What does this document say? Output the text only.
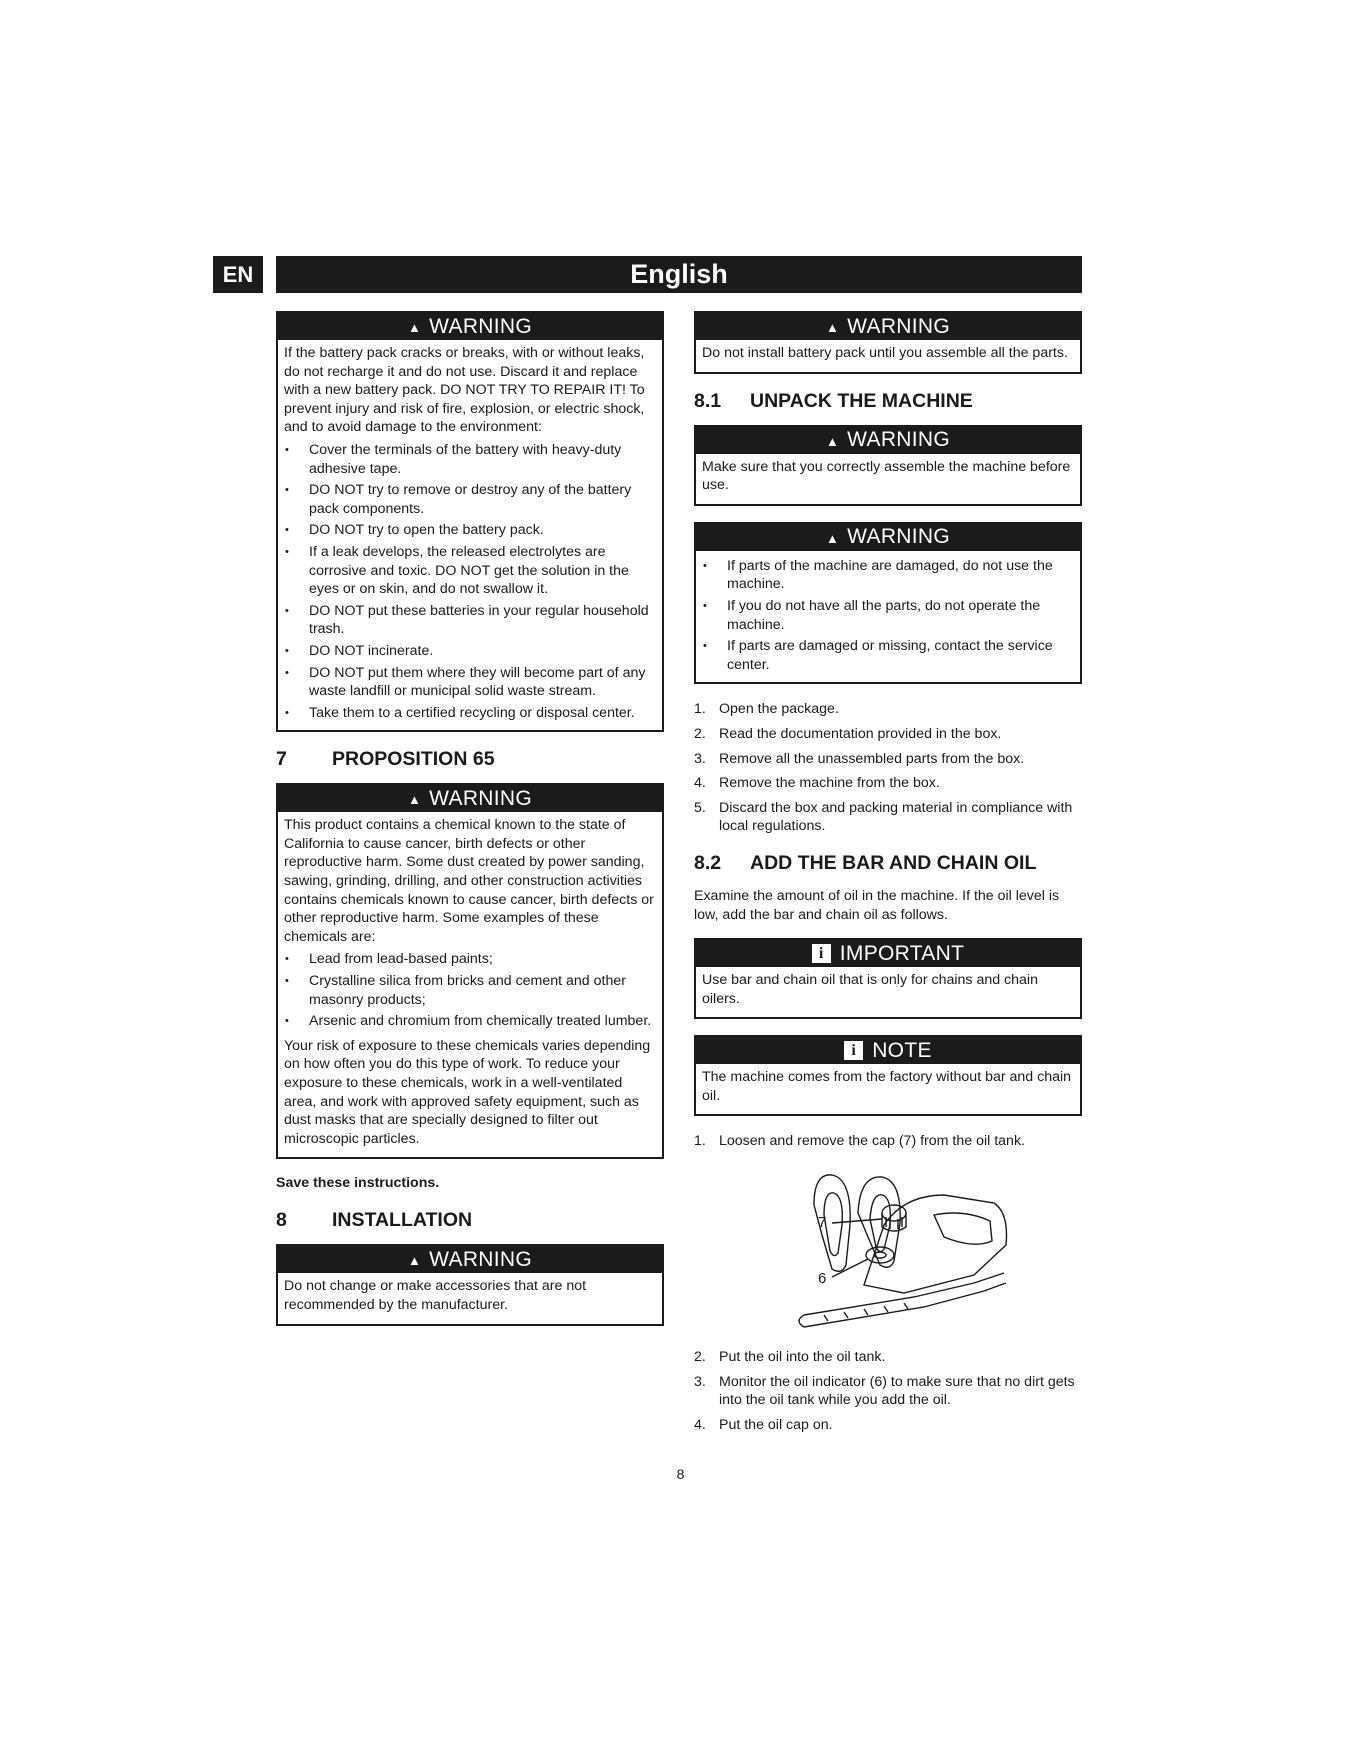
EN	English
▲ WARNING

If the battery pack cracks or breaks, with or without leaks, do not recharge it and do not use. Discard it and replace with a new battery pack. DO NOT TRY TO REPAIR IT! To prevent injury and risk of fire, explosion, or electric shock, and to avoid damage to the environment:

• Cover the terminals of the battery with heavy-duty adhesive tape.
• DO NOT try to remove or destroy any of the battery pack components.
• DO NOT try to open the battery pack.
• If a leak develops, the released electrolytes are corrosive and toxic. DO NOT get the solution in the eyes or on skin, and do not swallow it.
• DO NOT put these batteries in your regular household trash.
• DO NOT incinerate.
• DO NOT put them where they will become part of any waste landfill or municipal solid waste stream.
• Take them to a certified recycling or disposal center.
7	PROPOSITION 65
▲ WARNING

This product contains a chemical known to the state of California to cause cancer, birth defects or other reproductive harm. Some dust created by power sanding, sawing, grinding, drilling, and other construction activities contains chemicals known to cause cancer, birth defects or other reproductive harm. Some examples of these chemicals are:

• Lead from lead-based paints;
• Crystalline silica from bricks and cement and other masonry products;
• Arsenic and chromium from chemically treated lumber.

Your risk of exposure to these chemicals varies depending on how often you do this type of work. To reduce your exposure to these chemicals, work in a well-ventilated area, and work with approved safety equipment, such as dust masks that are specially designed to filter out microscopic particles.

Save these instructions.
8	INSTALLATION
▲ WARNING

Do not change or make accessories that are not recommended by the manufacturer.

▲ WARNING

Do not install battery pack until you assemble all the parts.

8.1	UNPACK THE MACHINE
▲ WARNING

Make sure that you correctly assemble the machine before use.

▲ WARNING
• If parts of the machine are damaged, do not use the machine.
• If you do not have all the parts, do not operate the machine.
• If parts are damaged or missing, contact the service center.
1. Open the package.
2. Read the documentation provided in the box.
3. Remove all the unassembled parts from the box.
4. Remove the machine from the box.
5. Discard the box and packing material in compliance with local regulations.
8.2	ADD THE BAR AND CHAIN OIL

Examine the amount of oil in the machine. If the oil level is low, add the bar and chain oil as follows.

i IMPORTANT

Use bar and chain oil that is only for chains and chain oilers.

i NOTE

The machine comes from the factory without bar and chain oil.

1. Loosen and remove the cap (7) from the oil tank.
7
6
2. Put the oil into the oil tank.
3. Monitor the oil indicator (6) to make sure that no dirt gets into the oil tank while you add the oil.
4. Put the oil cap on.
8
